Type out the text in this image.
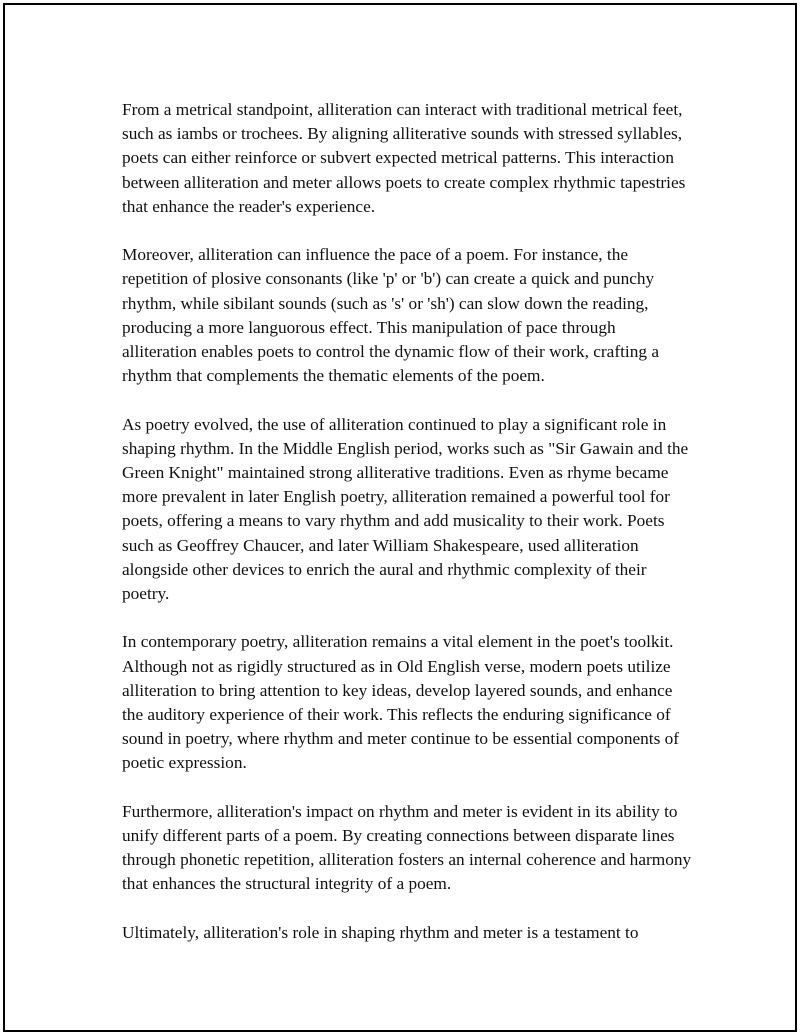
From a metrical standpoint, alliteration can interact with traditional metrical feet, such as iambs or trochees. By aligning alliterative sounds with stressed syllables, poets can either reinforce or subvert expected metrical patterns. This interaction between alliteration and meter allows poets to create complex rhythmic tapestries that enhance the reader's experience.

Moreover, alliteration can influence the pace of a poem. For instance, the repetition of plosive consonants (like 'p' or 'b') can create a quick and punchy rhythm, while sibilant sounds (such as 's' or 'sh') can slow down the reading, producing a more languorous effect. This manipulation of pace through alliteration enables poets to control the dynamic flow of their work, crafting a rhythm that complements the thematic elements of the poem.

As poetry evolved, the use of alliteration continued to play a significant role in shaping rhythm. In the Middle English period, works such as "Sir Gawain and the Green Knight" maintained strong alliterative traditions. Even as rhyme became more prevalent in later English poetry, alliteration remained a powerful tool for poets, offering a means to vary rhythm and add musicality to their work. Poets such as Geoffrey Chaucer, and later William Shakespeare, used alliteration alongside other devices to enrich the aural and rhythmic complexity of their poetry.

In contemporary poetry, alliteration remains a vital element in the poet's toolkit. Although not as rigidly structured as in Old English verse, modern poets utilize alliteration to bring attention to key ideas, develop layered sounds, and enhance the auditory experience of their work. This reflects the enduring significance of sound in poetry, where rhythm and meter continue to be essential components of poetic expression.

Furthermore, alliteration's impact on rhythm and meter is evident in its ability to unify different parts of a poem. By creating connections between disparate lines through phonetic repetition, alliteration fosters an internal coherence and harmony that enhances the structural integrity of a poem.

Ultimately, alliteration's role in shaping rhythm and meter is a testament to
